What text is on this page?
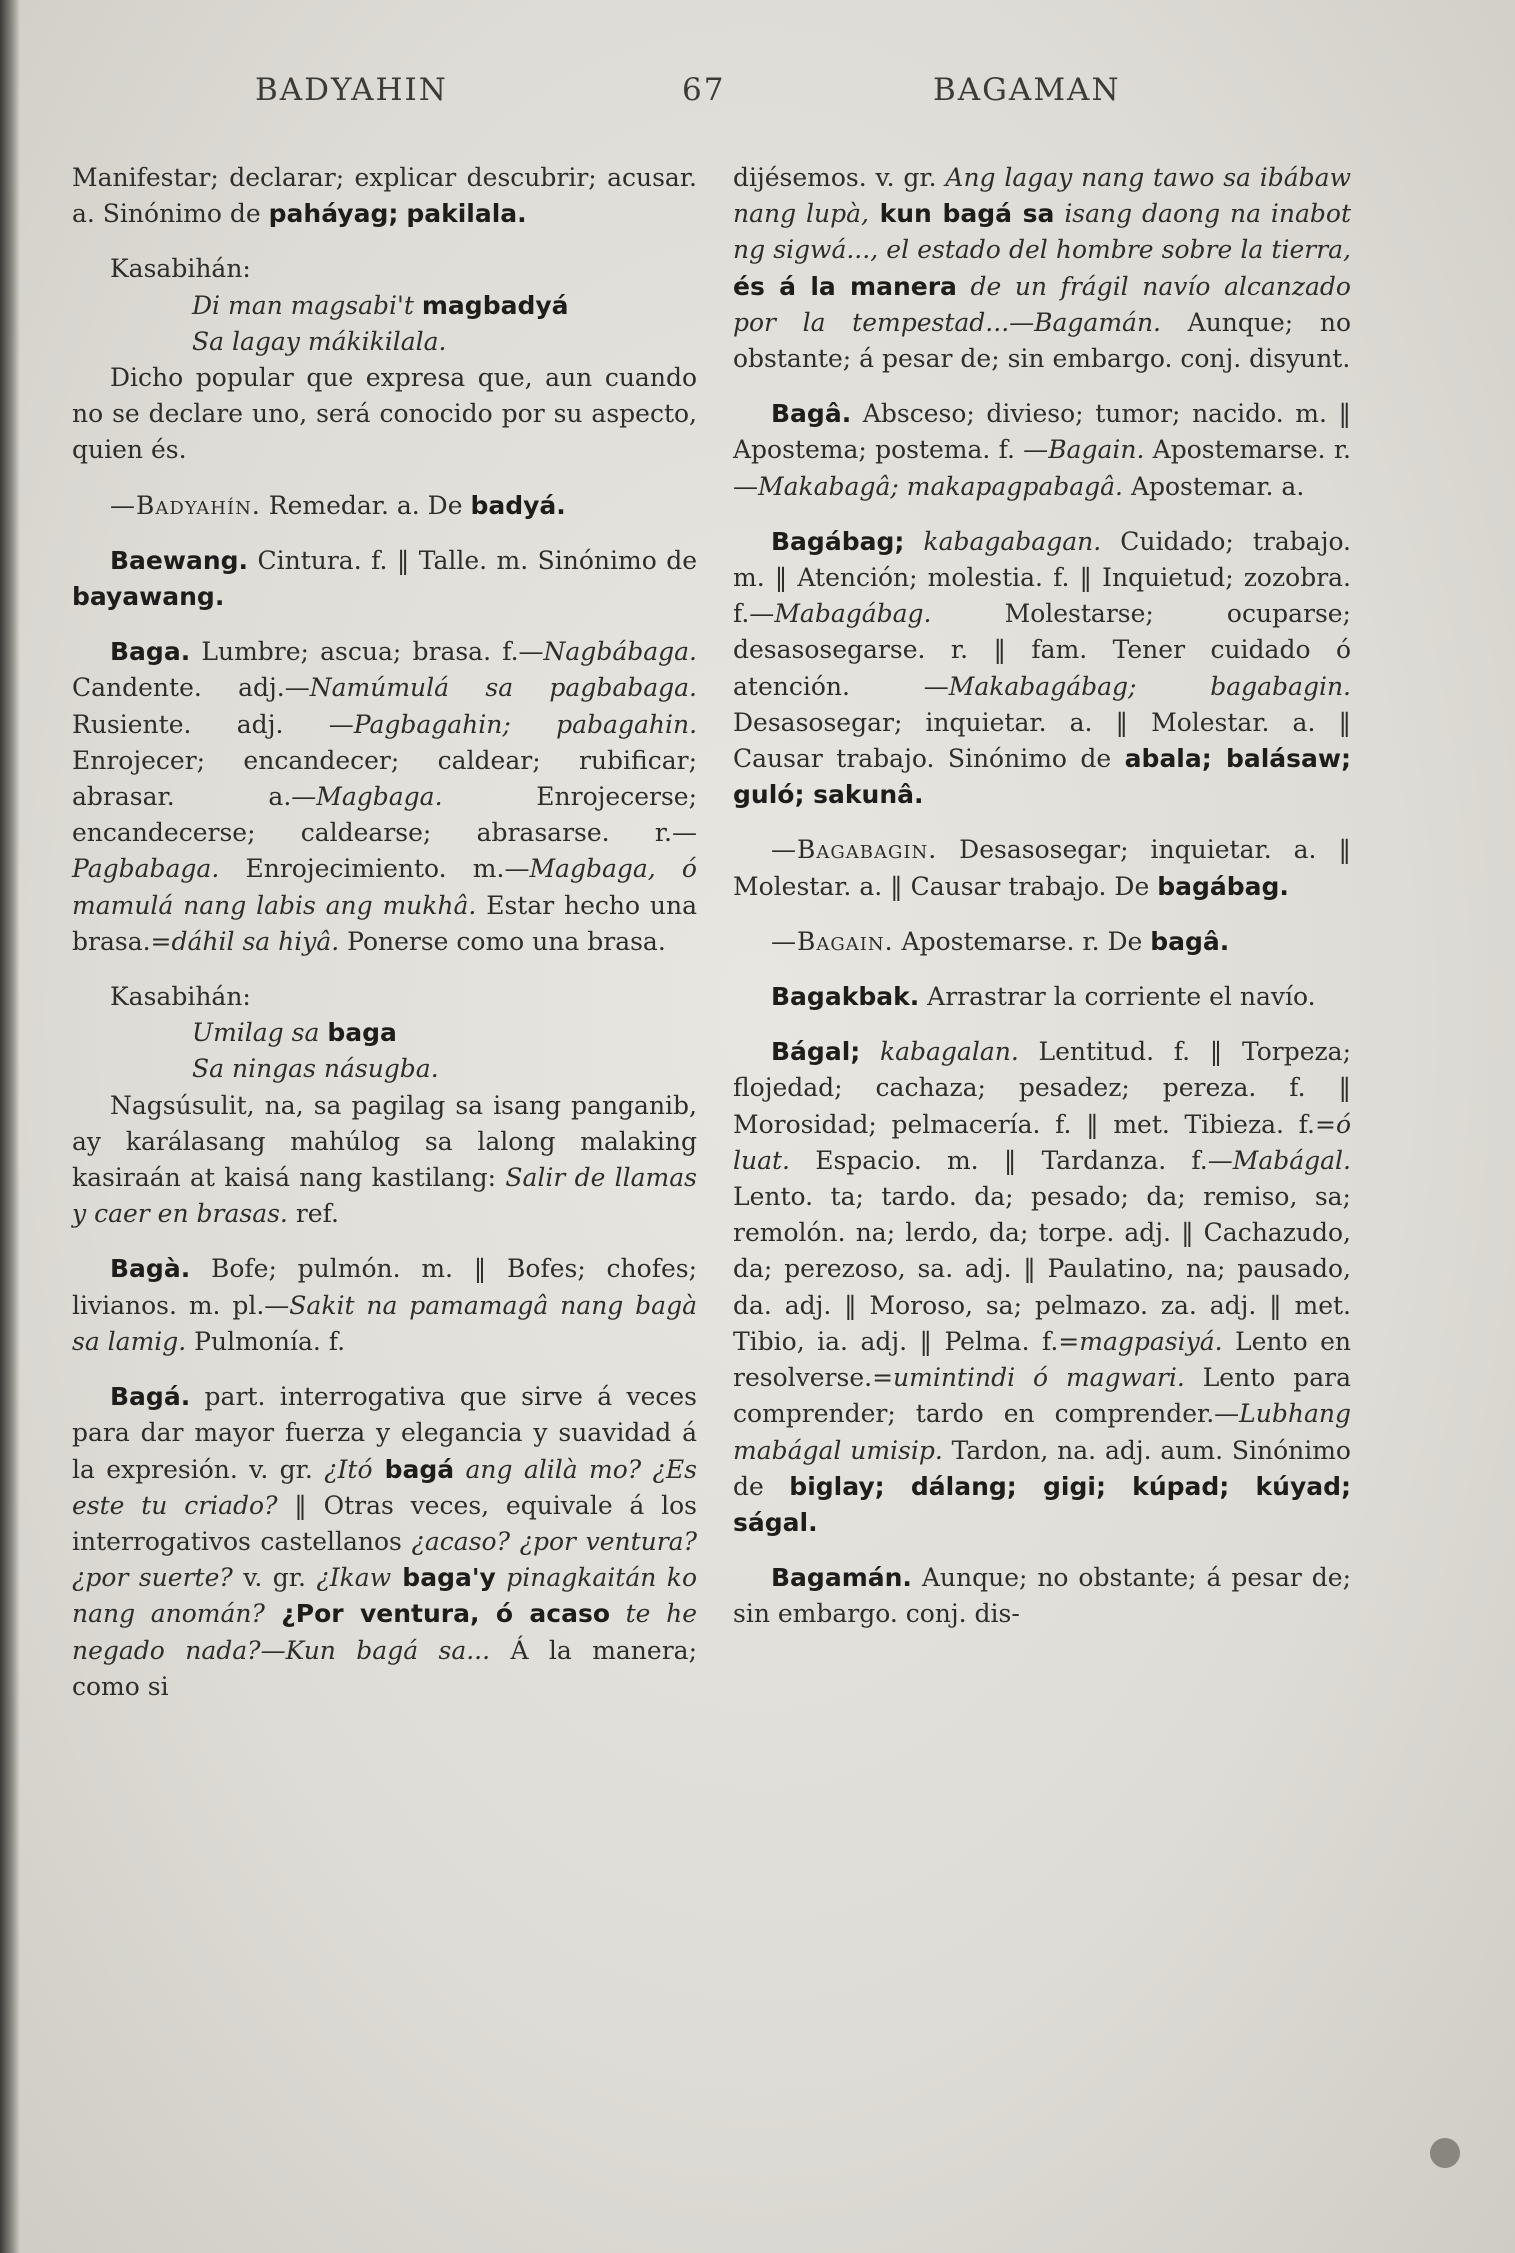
BADYAHIN	67	BAGAMAN

Manifestar; declarar; explicar descubrir; acusar. a. Sinónimo de paháyag; pakilala.

Kasabihán:

Di man magsabi't magbadyá

Sa lagay mákikilala.

Dicho popular que expresa que, aun cuando no se declare uno, será conocido por su aspecto, quien és.

—Badyahín. Remedar. a. De badyá.

Baewang. Cintura. f. ‖ Talle. m. Sinónimo de bayawang.

Baga. Lumbre; ascua; brasa. f.—Nagbábaga. Candente. adj.—Namúmulá sa pagbabaga. Rusiente. adj. —Pagbagahin; pabagahin. Enrojecer; encandecer; caldear; rubificar; abrasar. a.—Magbaga. Enrojecerse; encandecerse; caldearse; abrasarse. r.—Pagbabaga. Enrojecimiento. m.—Magbaga, ó mamulá nang labis ang mukhâ. Estar hecho una brasa.=dáhil sa hiyâ. Ponerse como una brasa.

Kasabihán:

Umilag sa baga

Sa ningas násugba.

Nagsúsulit, na, sa pagilag sa isang panganib, ay karálasang mahúlog sa lalong malaking kasiraán at kaisá nang kastilang: Salir de llamas y caer en brasas. ref.

Bagà. Bofe; pulmón. m. ‖ Bofes; chofes; livianos. m. pl.—Sakit na pamamagâ nang bagà sa lamig. Pulmonía. f.

Bagá. part. interrogativa que sirve á veces para dar mayor fuerza y elegancia y suavidad á la expresión. v. gr. ¿Itó bagá ang alilà mo? ¿Es este tu criado? ‖ Otras veces, equivale á los interrogativos castellanos ¿acaso? ¿por ventura? ¿por suerte? v. gr. ¿Ikaw baga'y pinagkaitán ko nang anomán? ¿Por ventura, ó acaso te he negado nada?—Kun bagá sa... Á la manera; como si

dijésemos. v. gr. Ang lagay nang tawo sa ibábaw nang lupà, kun bagá sa isang daong na inabot ng sigwá..., el estado del hombre sobre la tierra, és á la manera de un frágil navío alcanzado por la tempestad...—Bagamán. Aunque; no obstante; á pesar de; sin embargo. conj. disyunt.

Bagâ. Absceso; divieso; tumor; nacido. m. ‖ Apostema; postema. f. —Bagain. Apostemarse. r.—Makabagâ; makapagpabagâ. Apostemar. a.

Bagábag; kabagabagan. Cuidado; trabajo. m. ‖ Atención; molestia. f. ‖ Inquietud; zozobra. f.—Mabagábag. Molestarse; ocuparse; desasosegarse. r. ‖ fam. Tener cuidado ó atención. —Makabagábag; bagabagin. Desasosegar; inquietar. a. ‖ Molestar. a. ‖ Causar trabajo. Sinónimo de abala; balásaw; guló; sakunâ.

—Bagabagin. Desasosegar; inquietar. a. ‖ Molestar. a. ‖ Causar trabajo. De bagábag.

—Bagain. Apostemarse. r. De bagâ.

Bagakbak. Arrastrar la corriente el navío.

Bágal; kabagalan. Lentitud. f. ‖ Torpeza; flojedad; cachaza; pesadez; pereza. f. ‖ Morosidad; pelmacería. f. ‖ met. Tibieza. f.=ó luat. Espacio. m. ‖ Tardanza. f.—Mabágal. Lento. ta; tardo. da; pesado; da; remiso, sa; remolón. na; lerdo, da; torpe. adj. ‖ Cachazudo, da; perezoso, sa. adj. ‖ Paulatino, na; pausado, da. adj. ‖ Moroso, sa; pelmazo. za. adj. ‖ met. Tibio, ia. adj. ‖ Pelma. f.=magpasiyá. Lento en resolverse.=umintindi ó magwari. Lento para comprender; tardo en comprender.—Lubhang mabágal umisip. Tardon, na. adj. aum. Sinónimo de biglay; dálang; gigi; kúpad; kúyad; ságal.

Bagamán. Aunque; no obstante; á pesar de; sin embargo. conj. dis-
